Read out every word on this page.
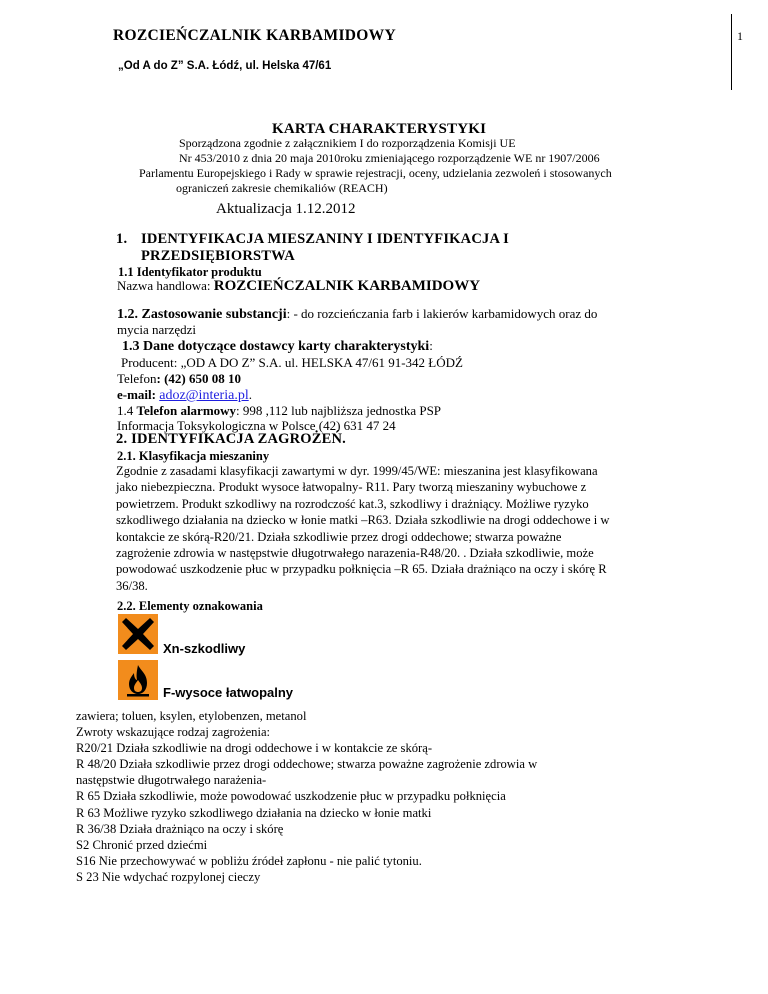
ROZCIEŃCZALNIK KARBAMIDOWY
„Od A do Z” S.A. Łódź, ul. Helska 47/61
1
KARTA CHARAKTERYSTYKI
Sporządzona zgodnie z załącznikiem I do rozporządzenia Komisji UE
Nr 453/2010 z dnia 20 maja 2010roku zmieniającego rozporządzenie WE nr 1907/2006
Parlamentu Europejskiego i Rady w sprawie rejestracji, oceny, udzielania zezwoleń i stosowanych
ograniczeń zakresie chemikaliów (REACH)
Aktualizacja 1.12.2012
1. IDENTYFIKACJA MIESZANINY I IDENTYFIKACJA I
PRZEDSIĘBIORSTWA
1.1 Identyfikator produktu
Nazwa handlowa: ROZCIEŃCZALNIK KARBAMIDOWY
1.2. Zastosowanie substancji: - do rozcieńczania farb i lakierów karbamidowych oraz do
mycia narzędzi
1.3 Dane dotyczące dostawcy karty charakterystyki:
Producent: „OD A DO Z” S.A. ul. HELSKA 47/61 91-342 ŁÓDŹ
Telefon: (42) 650 08 10
e-mail: adoz@interia.pl.
1.4 Telefon alarmowy: 998 ,112 lub najbliższa jednostka PSP
Informacja Toksykologiczna w Polsce (42) 631 47 24
2. IDENTYFIKACJA ZAGROŻEŃ.
2.1. Klasyfikacja mieszaniny
Zgodnie z zasadami klasyfikacji zawartymi w dyr. 1999/45/WE: mieszanina jest klasyfikowana
jako niebezpieczna. Produkt wysoce łatwopalny- R11. Pary tworzą mieszaniny wybuchowe z
powietrzem. Produkt szkodliwy na rozrodczość kat.3, szkodliwy i drażniący. Możliwe ryzyko
szkodliwego działania na dziecko w łonie matki –R63. Działa szkodliwie na drogi oddechowe i w
kontakcie ze skórą-R20/21. Działa szkodliwie przez drogi oddechowe; stwarza poważne
zagrożenie zdrowia w następstwie długotrwałego narazenia-R48/20. . Działa szkodliwie, może
powodować uszkodzenie płuc w przypadku połknięcia –R 65. Działa drażniąco na oczy i skórę R
36/38.
2.2. Elementy oznakowania
Xn-szkodliwy
F-wysoce łatwopalny
zawiera; toluen, ksylen, etylobenzen, metanol
Zwroty wskazujące rodzaj zagrożenia:
R20/21 Działa szkodliwie na drogi oddechowe i w kontakcie ze skórą-
R 48/20 Działa szkodliwie przez drogi oddechowe; stwarza poważne zagrożenie zdrowia w
następstwie długotrwałego narażenia-
R 65 Działa szkodliwie, może powodować uszkodzenie płuc w przypadku połknięcia
R 63 Możliwe ryzyko szkodliwego działania na dziecko w łonie matki
R 36/38 Działa drażniąco na oczy i skórę
S2 Chronić przed dziećmi
S16 Nie przechowywać w pobliżu źródeł zapłonu - nie palić tytoniu.
S 23 Nie wdychać rozpylonej cieczy
